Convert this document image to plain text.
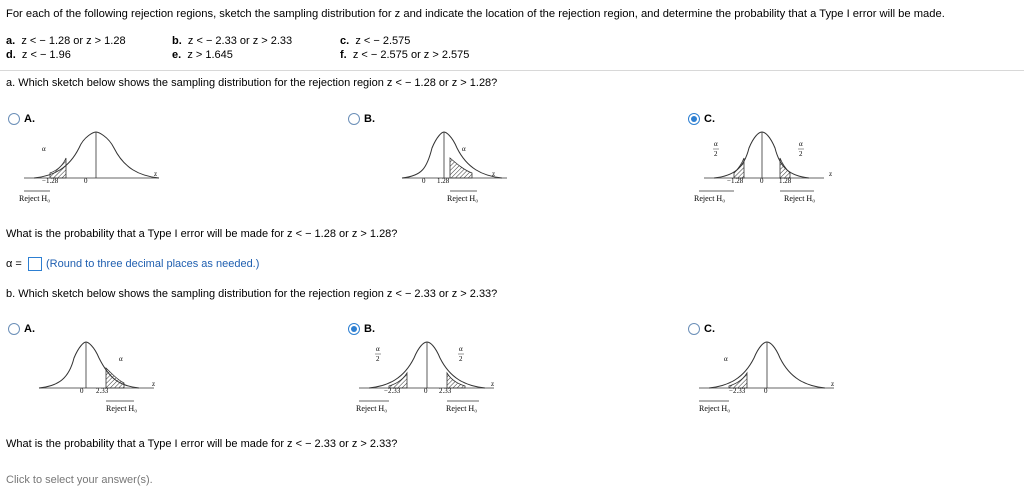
For each of the following rejection regions, sketch the sampling distribution for z and indicate the location of the rejection region, and determine the probability that a Type I error will be made.
a. z < − 1.28 or z > 1.28	b. z < − 2.33 or z > 2.33	c. z < − 2.575
d. z < − 1.96	e. z > 1.645	f. z < − 2.575 or z > 2.575
a. Which sketch below shows the sampling distribution for the rejection region z < − 1.28 or z > 1.28?
A.
α
−1.28	0
z
Reject H₀
B.
α
0 1.28
z
Reject H₀
C.
α
2
α
2
−1.28 0 1.28
z
Reject H₀	Reject H₀
What is the probability that a Type I error will be made for z < − 1.28 or z > 1.28?
α = (Round to three decimal places as needed.)
b. Which sketch below shows the sampling distribution for the rejection region z < − 2.33 or z > 2.33?
A.
α
0 2.33
z
Reject H₀
B.
α
2
α
2
−2.33	0 2.33
z
Reject H₀	Reject H₀
C.
α
−2.33	0
z
Reject H₀
What is the probability that a Type I error will be made for z < − 2.33 or z > 2.33?
Click to select your answer(s).
